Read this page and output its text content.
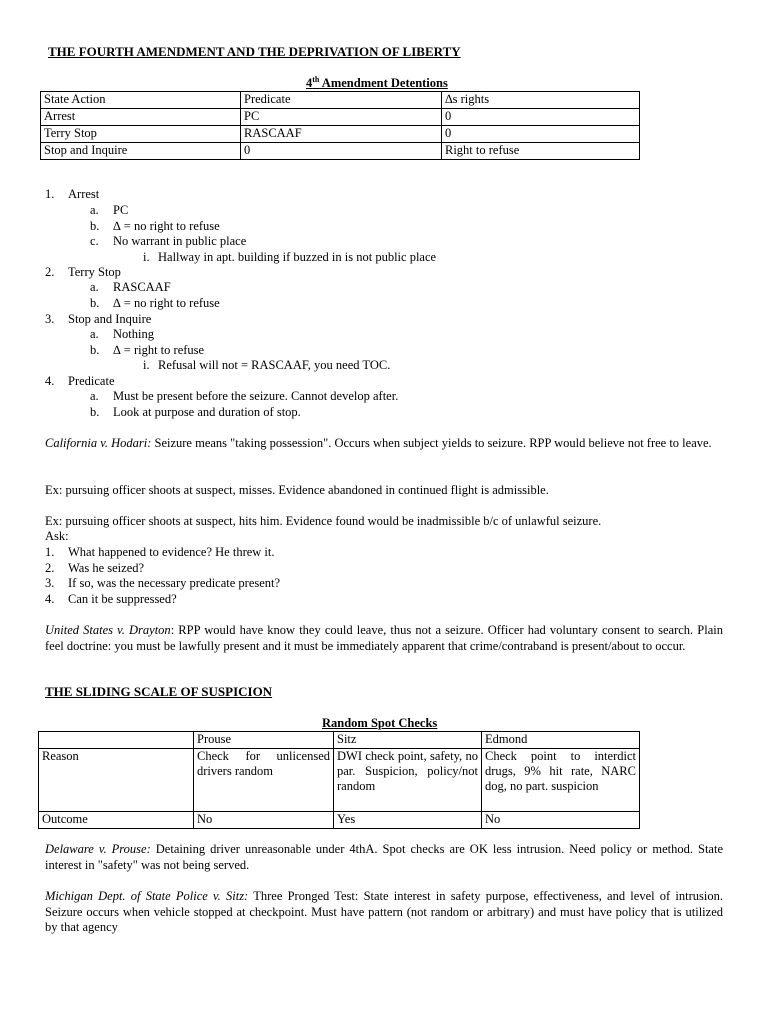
THE FOURTH AMENDMENT AND THE DEPRIVATION OF LIBERTY
4th Amendment Detentions
State Action	Predicate	∆s rights
Arrest	PC	0
Terry Stop	RASCAAF	0
Stop and Inquire	0	Right to refuse
1. Arrest
a. PC
b. ∆ = no right to refuse
c. No warrant in public place
i. Hallway in apt. building if buzzed in is not public place
2. Terry Stop
a. RASCAAF
b. ∆ = no right to refuse
3. Stop and Inquire
a. Nothing
b. ∆ = right to refuse
i. Refusal will not = RASCAAF, you need TOC.
4. Predicate
a. Must be present before the seizure. Cannot develop after.
b. Look at purpose and duration of stop.
California v. Hodari: Seizure means "taking possession". Occurs when subject yields to seizure. RPP would believe not free to leave.
Ex: pursuing officer shoots at suspect, misses. Evidence abandoned in continued flight is admissible.
Ex: pursuing officer shoots at suspect, hits him. Evidence found would be inadmissible b/c of unlawful seizure.
Ask:
1. What happened to evidence? He threw it.
2. Was he seized?
3. If so, was the necessary predicate present?
4. Can it be suppressed?
United States v. Drayton: RPP would have know they could leave, thus not a seizure. Officer had voluntary consent to search. Plain feel doctrine: you must be lawfully present and it must be immediately apparent that crime/contraband is present/about to occur.
THE SLIDING SCALE OF SUSPICION
Random Spot Checks
	Prouse	Sitz	Edmond
Reason	Check for unlicensed drivers random	DWI check point, safety, no par. Suspicion, policy/not random	Check point to interdict drugs, 9% hit rate, NARC dog, no part. suspicion
Outcome	No	Yes	No
Delaware v. Prouse: Detaining driver unreasonable under 4thA. Spot checks are OK less intrusion. Need policy or method. State interest in "safety" was not being served.
Michigan Dept. of State Police v. Sitz: Three Pronged Test: State interest in safety purpose, effectiveness, and level of intrusion. Seizure occurs when vehicle stopped at checkpoint. Must have pattern (not random or arbitrary) and must have policy that is utilized by that agency
